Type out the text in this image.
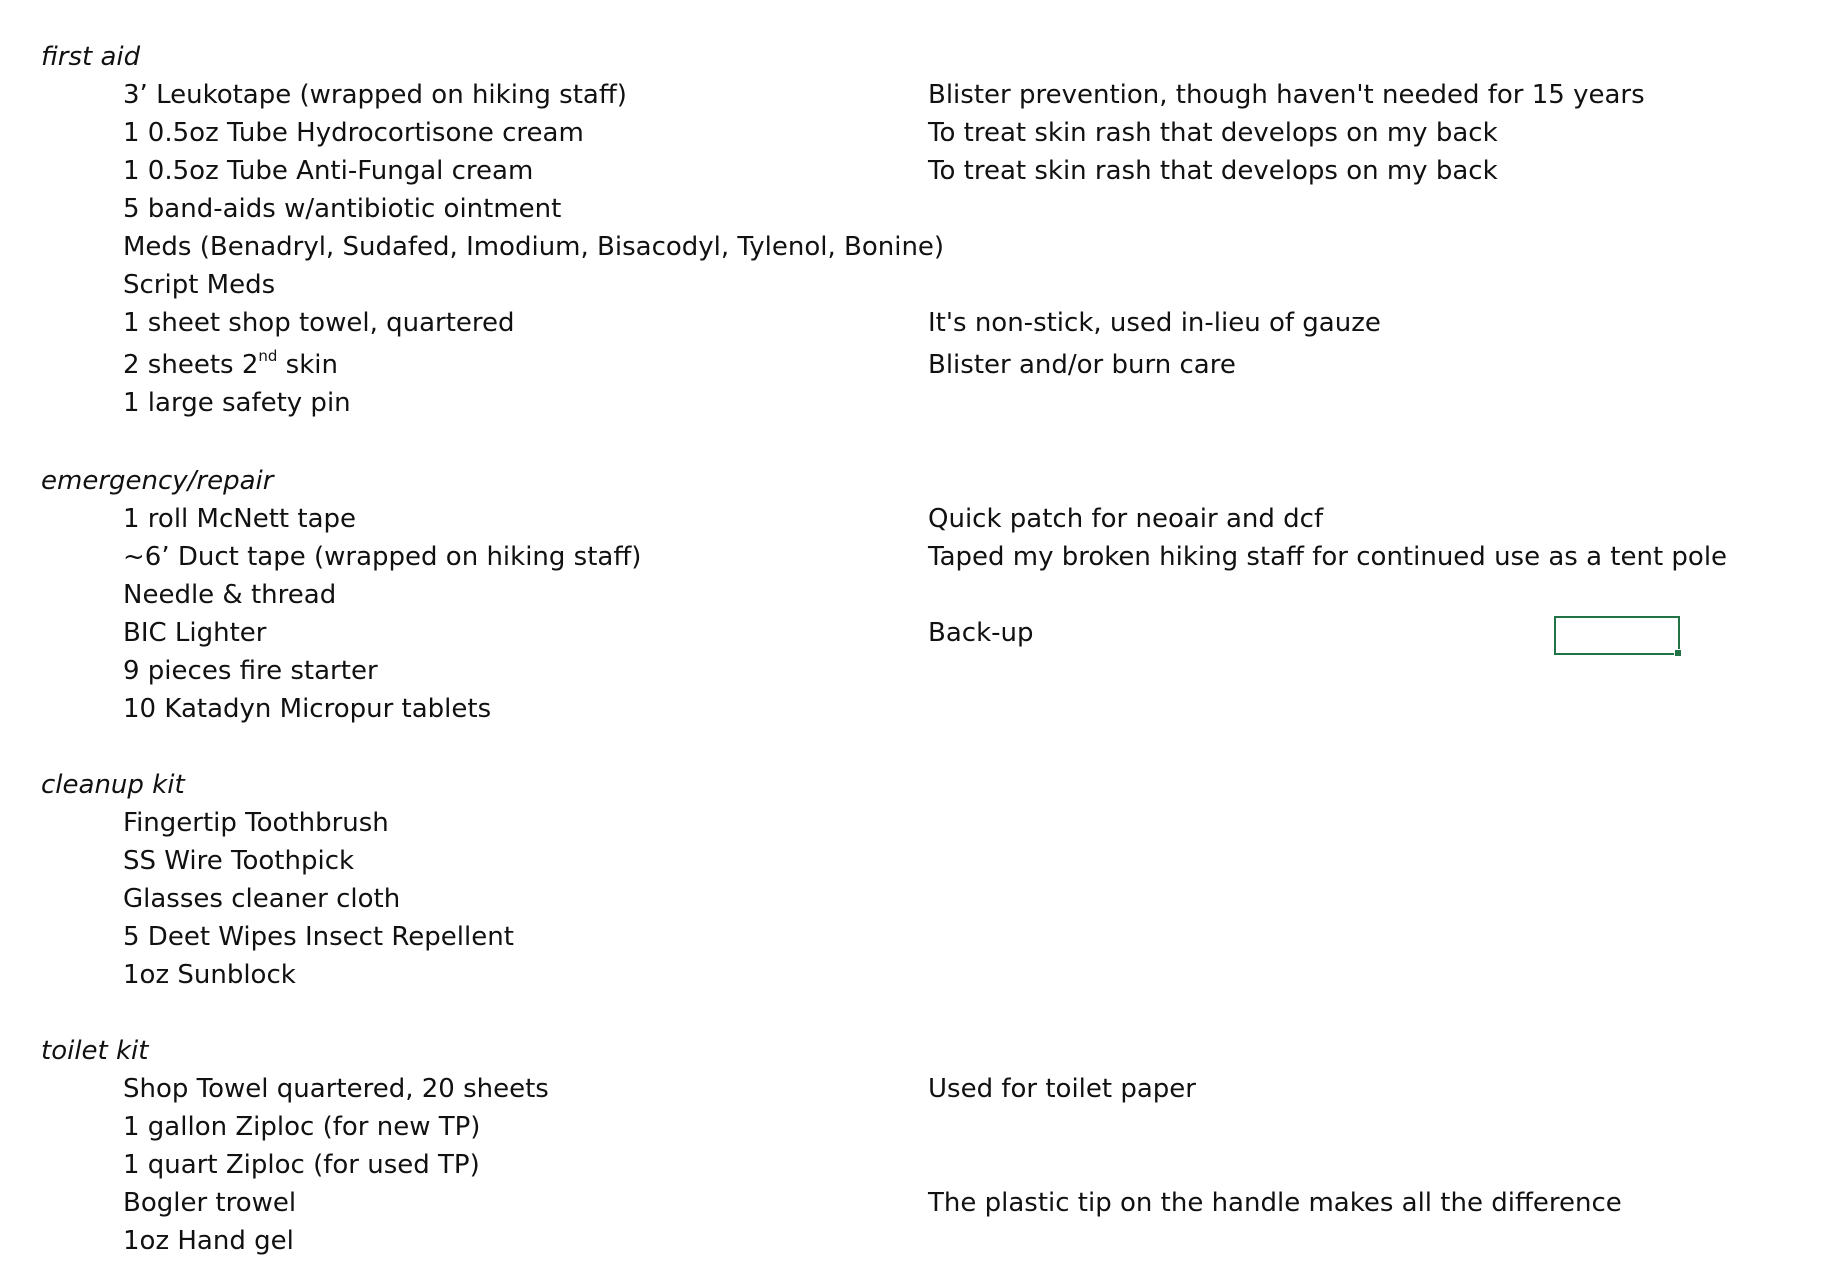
first aid
3’ Leukotape (wrapped on hiking staff)	Blister prevention, though haven't needed for 15 years
1 0.5oz Tube Hydrocortisone cream	To treat skin rash that develops on my back
1 0.5oz Tube Anti-Fungal cream	To treat skin rash that develops on my back
5 band-aids w/antibiotic ointment
Meds (Benadryl, Sudafed, Imodium, Bisacodyl, Tylenol, Bonine)
Script Meds
1 sheet shop towel, quartered	It's non-stick, used in-lieu of gauze
2 sheets 2nd skin	Blister and/or burn care
1 large safety pin
emergency/repair
1 roll McNett tape	Quick patch for neoair and dcf
~6’ Duct tape (wrapped on hiking staff)	Taped my broken hiking staff for continued use as a tent pole
Needle & thread
BIC Lighter	Back-up
9 pieces fire starter
10 Katadyn Micropur tablets
cleanup kit
Fingertip Toothbrush
SS Wire Toothpick
Glasses cleaner cloth
5 Deet Wipes Insect Repellent
1oz Sunblock
toilet kit
Shop Towel quartered, 20 sheets	Used for toilet paper
1 gallon Ziploc (for new TP)
1 quart Ziploc (for used TP)
Bogler trowel	The plastic tip on the handle makes all the difference
1oz Hand gel
